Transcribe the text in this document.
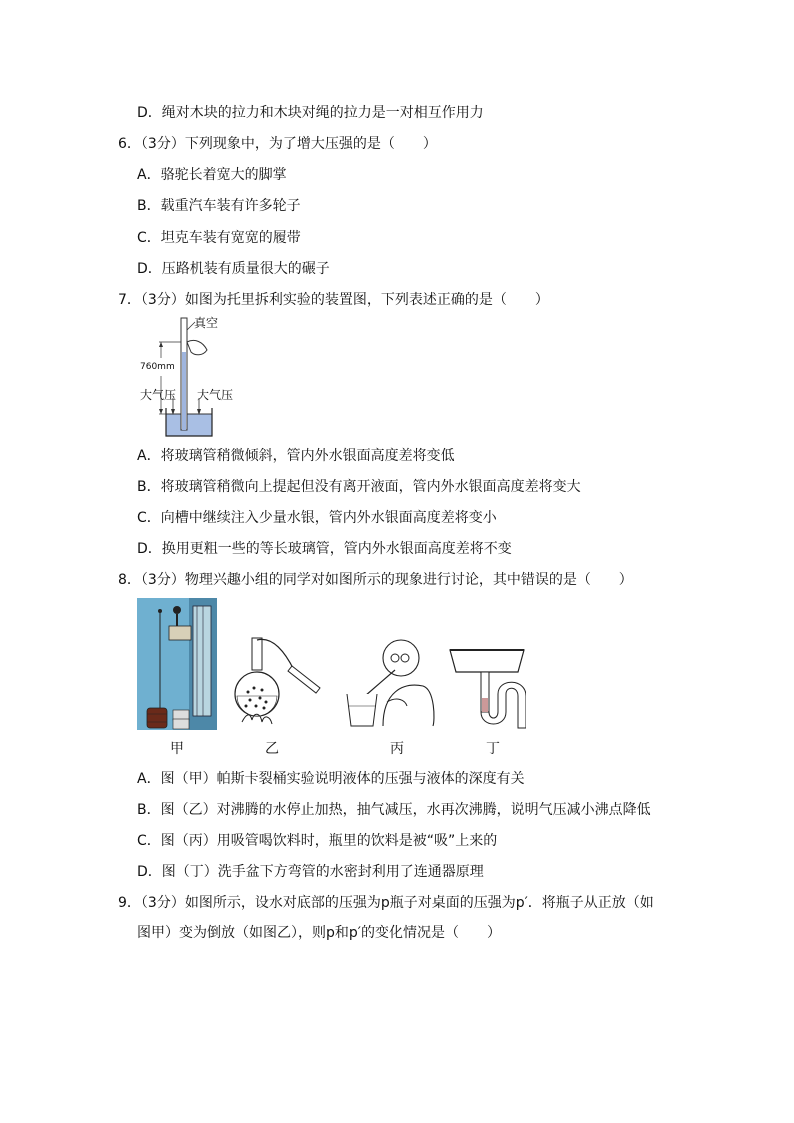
D．绳对木块的拉力和木块对绳的拉力是一对相互作用力
6．（3分）下列现象中，为了增大压强的是（　　）
A．骆驼长着宽大的脚掌
B．载重汽车装有许多轮子
C．坦克车装有宽宽的履带
D．压路机装有质量很大的碾子
7．（3分）如图为托里拆利实验的装置图，下列表述正确的是（　　）
真空
760mm
大气压 大气压
A．将玻璃管稍微倾斜，管内外水银面高度差将变低
B．将玻璃管稍微向上提起但没有离开液面，管内外水银面高度差将变大
C．向槽中继续注入少量水银，管内外水银面高度差将变小
D．换用更粗一些的等长玻璃管，管内外水银面高度差将不变
8．（3分）物理兴趣小组的同学对如图所示的现象进行讨论，其中错误的是（　　）
甲	乙	丙	丁
A．图（甲）帕斯卡裂桶实验说明液体的压强与液体的深度有关
B．图（乙）对沸腾的水停止加热，抽气减压，水再次沸腾，说明气压减小沸点降低
C．图（丙）用吸管喝饮料时，瓶里的饮料是被“吸”上来的
D．图（丁）洗手盆下方弯管的水密封利用了连通器原理
9．（3分）如图所示，设水对底部的压强为p瓶子对桌面的压强为p′．将瓶子从正放（如
图甲）变为倒放（如图乙），则p和p′的变化情况是（　　）
